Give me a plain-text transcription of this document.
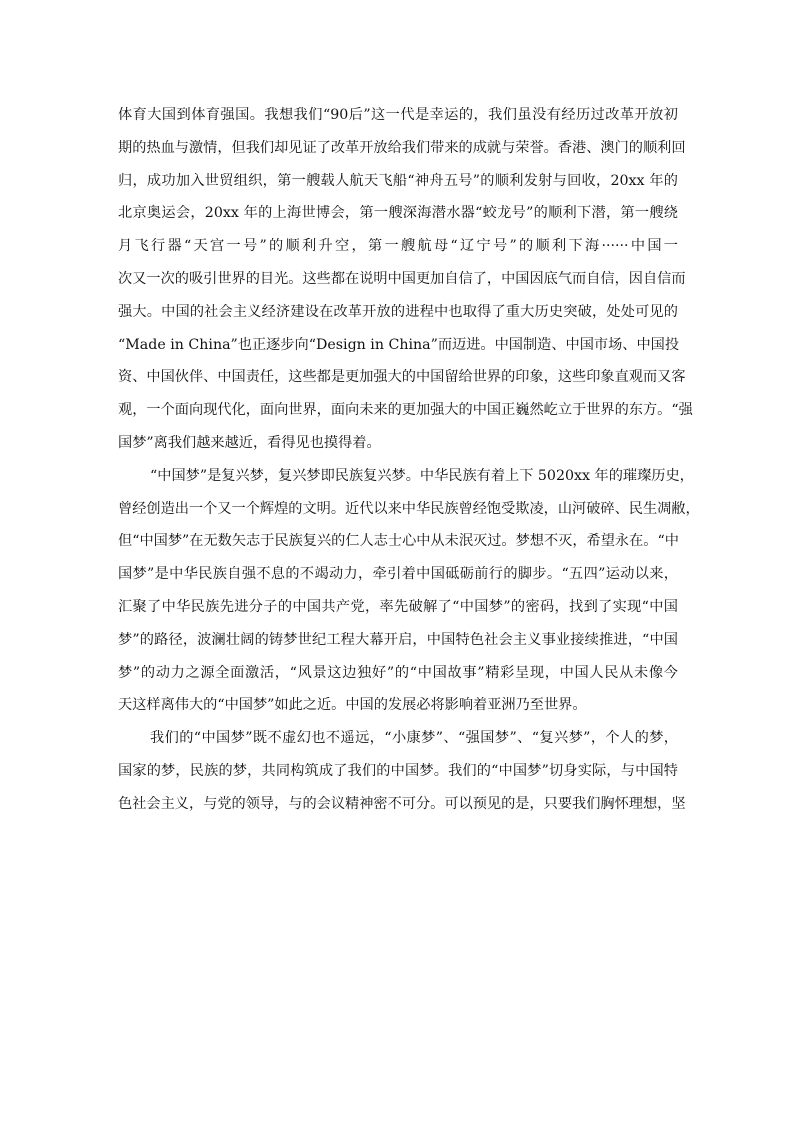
体育大国到体育强国。我想我们“90后”这一代是幸运的，我们虽没有经历过改革开放初
期的热血与激情，但我们却见证了改革开放给我们带来的成就与荣誉。香港、澳门的顺利回
归，成功加入世贸组织，第一艘载人航天飞船“神舟五号”的顺利发射与回收，20xx 年的
北京奥运会，20xx 年的上海世博会，第一艘深海潜水器“蛟龙号”的顺利下潜，第一艘绕
月飞行器“天宫一号”的顺利升空，第一艘航母“辽宁号”的顺利下海······中国一
次又一次的吸引世界的目光。这些都在说明中国更加自信了，中国因底气而自信，因自信而
强大。中国的社会主义经济建设在改革开放的进程中也取得了重大历史突破，处处可见的
“Made in China”也正逐步向“Design in China”而迈进。中国制造、中国市场、中国投
资、中国伙伴、中国责任，这些都是更加强大的中国留给世界的印象，这些印象直观而又客
观，一个面向现代化，面向世界，面向未来的更加强大的中国正巍然屹立于世界的东方。“强
国梦”离我们越来越近，看得见也摸得着。
“中国梦”是复兴梦，复兴梦即民族复兴梦。中华民族有着上下 5020xx 年的璀璨历史，
曾经创造出一个又一个辉煌的文明。近代以来中华民族曾经饱受欺凌，山河破碎、民生凋敝，
但“中国梦”在无数矢志于民族复兴的仁人志士心中从未泯灭过。梦想不灭，希望永在。“中
国梦”是中华民族自强不息的不竭动力，牵引着中国砥砺前行的脚步。“五四”运动以来，
汇聚了中华民族先进分子的中国共产党，率先破解了“中国梦”的密码，找到了实现“中国
梦”的路径，波澜壮阔的铸梦世纪工程大幕开启，中国特色社会主义事业接续推进，“中国
梦”的动力之源全面激活，“风景这边独好”的“中国故事”精彩呈现，中国人民从未像今
天这样离伟大的“中国梦”如此之近。中国的发展必将影响着亚洲乃至世界。
我们的“中国梦”既不虚幻也不遥远，“小康梦”、“强国梦”、“复兴梦”，个人的梦，
国家的梦，民族的梦，共同构筑成了我们的中国梦。我们的“中国梦”切身实际，与中国特
色社会主义，与党的领导，与的会议精神密不可分。可以预见的是，只要我们胸怀理想，坚
